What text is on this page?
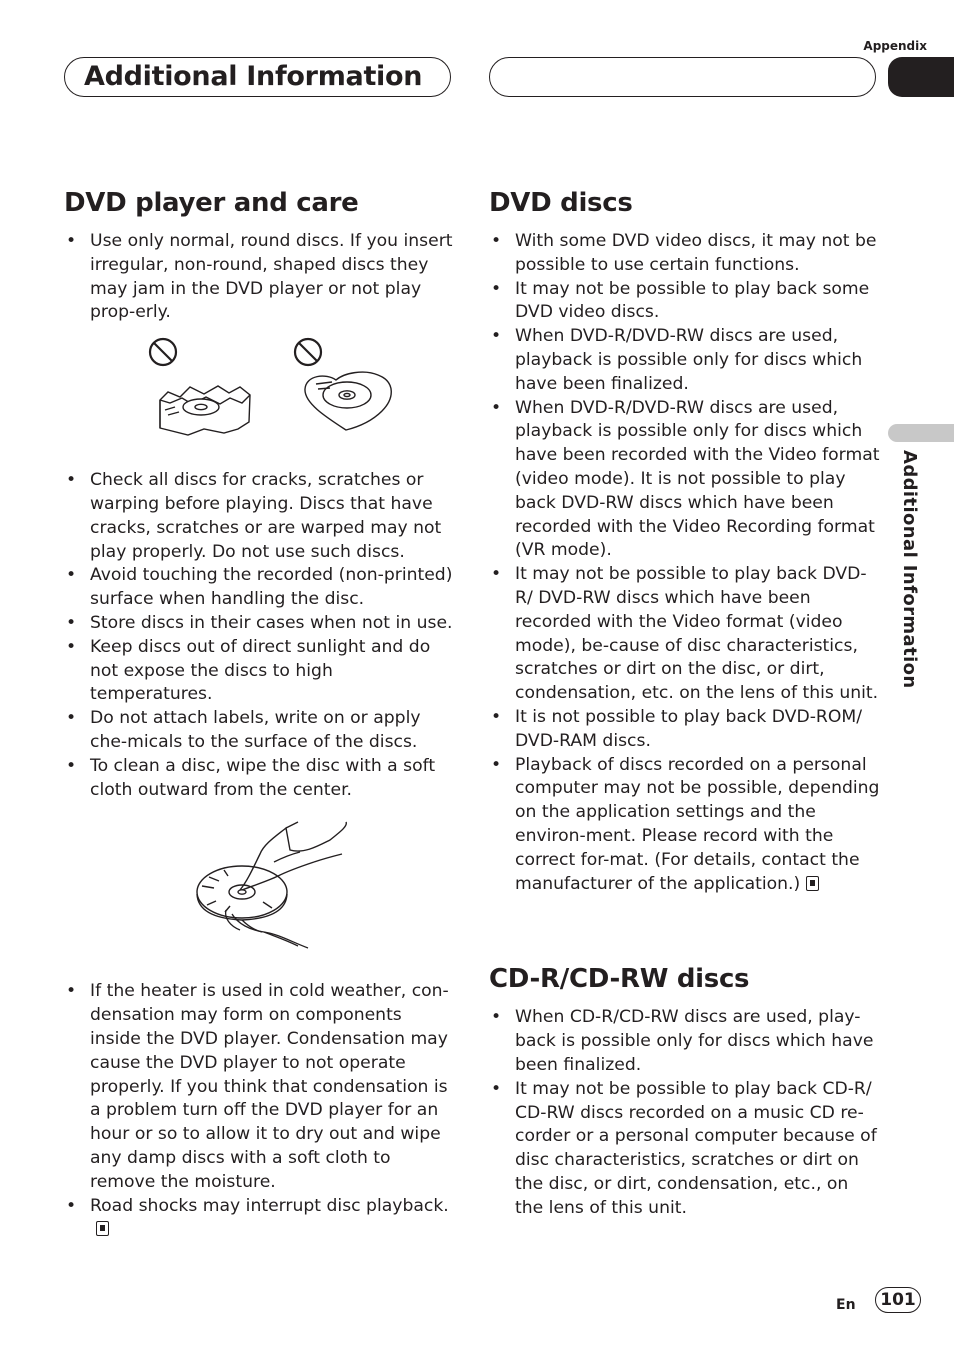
Appendix
Additional Information
Additional Information
DVD player and care
• Use only normal, round discs. If you insert irregular, non-round, shaped discs they may jam in the DVD player or not play prop-erly.
• Check all discs for cracks, scratches or warping before playing. Discs that have cracks, scratches or are warped may not play properly. Do not use such discs.
• Avoid touching the recorded (non-printed) surface when handling the disc.
• Store discs in their cases when not in use.
• Keep discs out of direct sunlight and do not expose the discs to high temperatures.
• Do not attach labels, write on or apply che-micals to the surface of the discs.
• To clean a disc, wipe the disc with a soft cloth outward from the center.
• If the heater is used in cold weather, con-densation may form on components inside the DVD player. Condensation may cause the DVD player to not operate properly. If you think that condensation is a problem turn off the DVD player for an hour or so to allow it to dry out and wipe any damp discs with a soft cloth to remove the moisture.
• Road shocks may interrupt disc playback.
DVD discs
• With some DVD video discs, it may not be possible to use certain functions.
• It may not be possible to play back some DVD video discs.
• When DVD-R/DVD-RW discs are used, playback is possible only for discs which have been finalized.
• When DVD-R/DVD-RW discs are used, playback is possible only for discs which have been recorded with the Video format (video mode). It is not possible to play back DVD-RW discs which have been recorded with the Video Recording format (VR mode).
• It may not be possible to play back DVD-R/ DVD-RW discs which have been recorded with the Video format (video mode), be-cause of disc characteristics, scratches or dirt on the disc, or dirt, condensation, etc. on the lens of this unit.
• It is not possible to play back DVD-ROM/ DVD-RAM discs.
• Playback of discs recorded on a personal computer may not be possible, depending on the application settings and the environ-ment. Please record with the correct for-mat. (For details, contact the manufacturer of the application.)
CD-R/CD-RW discs
• When CD-R/CD-RW discs are used, play-back is possible only for discs which have been finalized.
• It may not be possible to play back CD-R/ CD-RW discs recorded on a music CD re-corder or a personal computer because of disc characteristics, scratches or dirt on the disc, or dirt, condensation, etc., on the lens of this unit.
En	101
